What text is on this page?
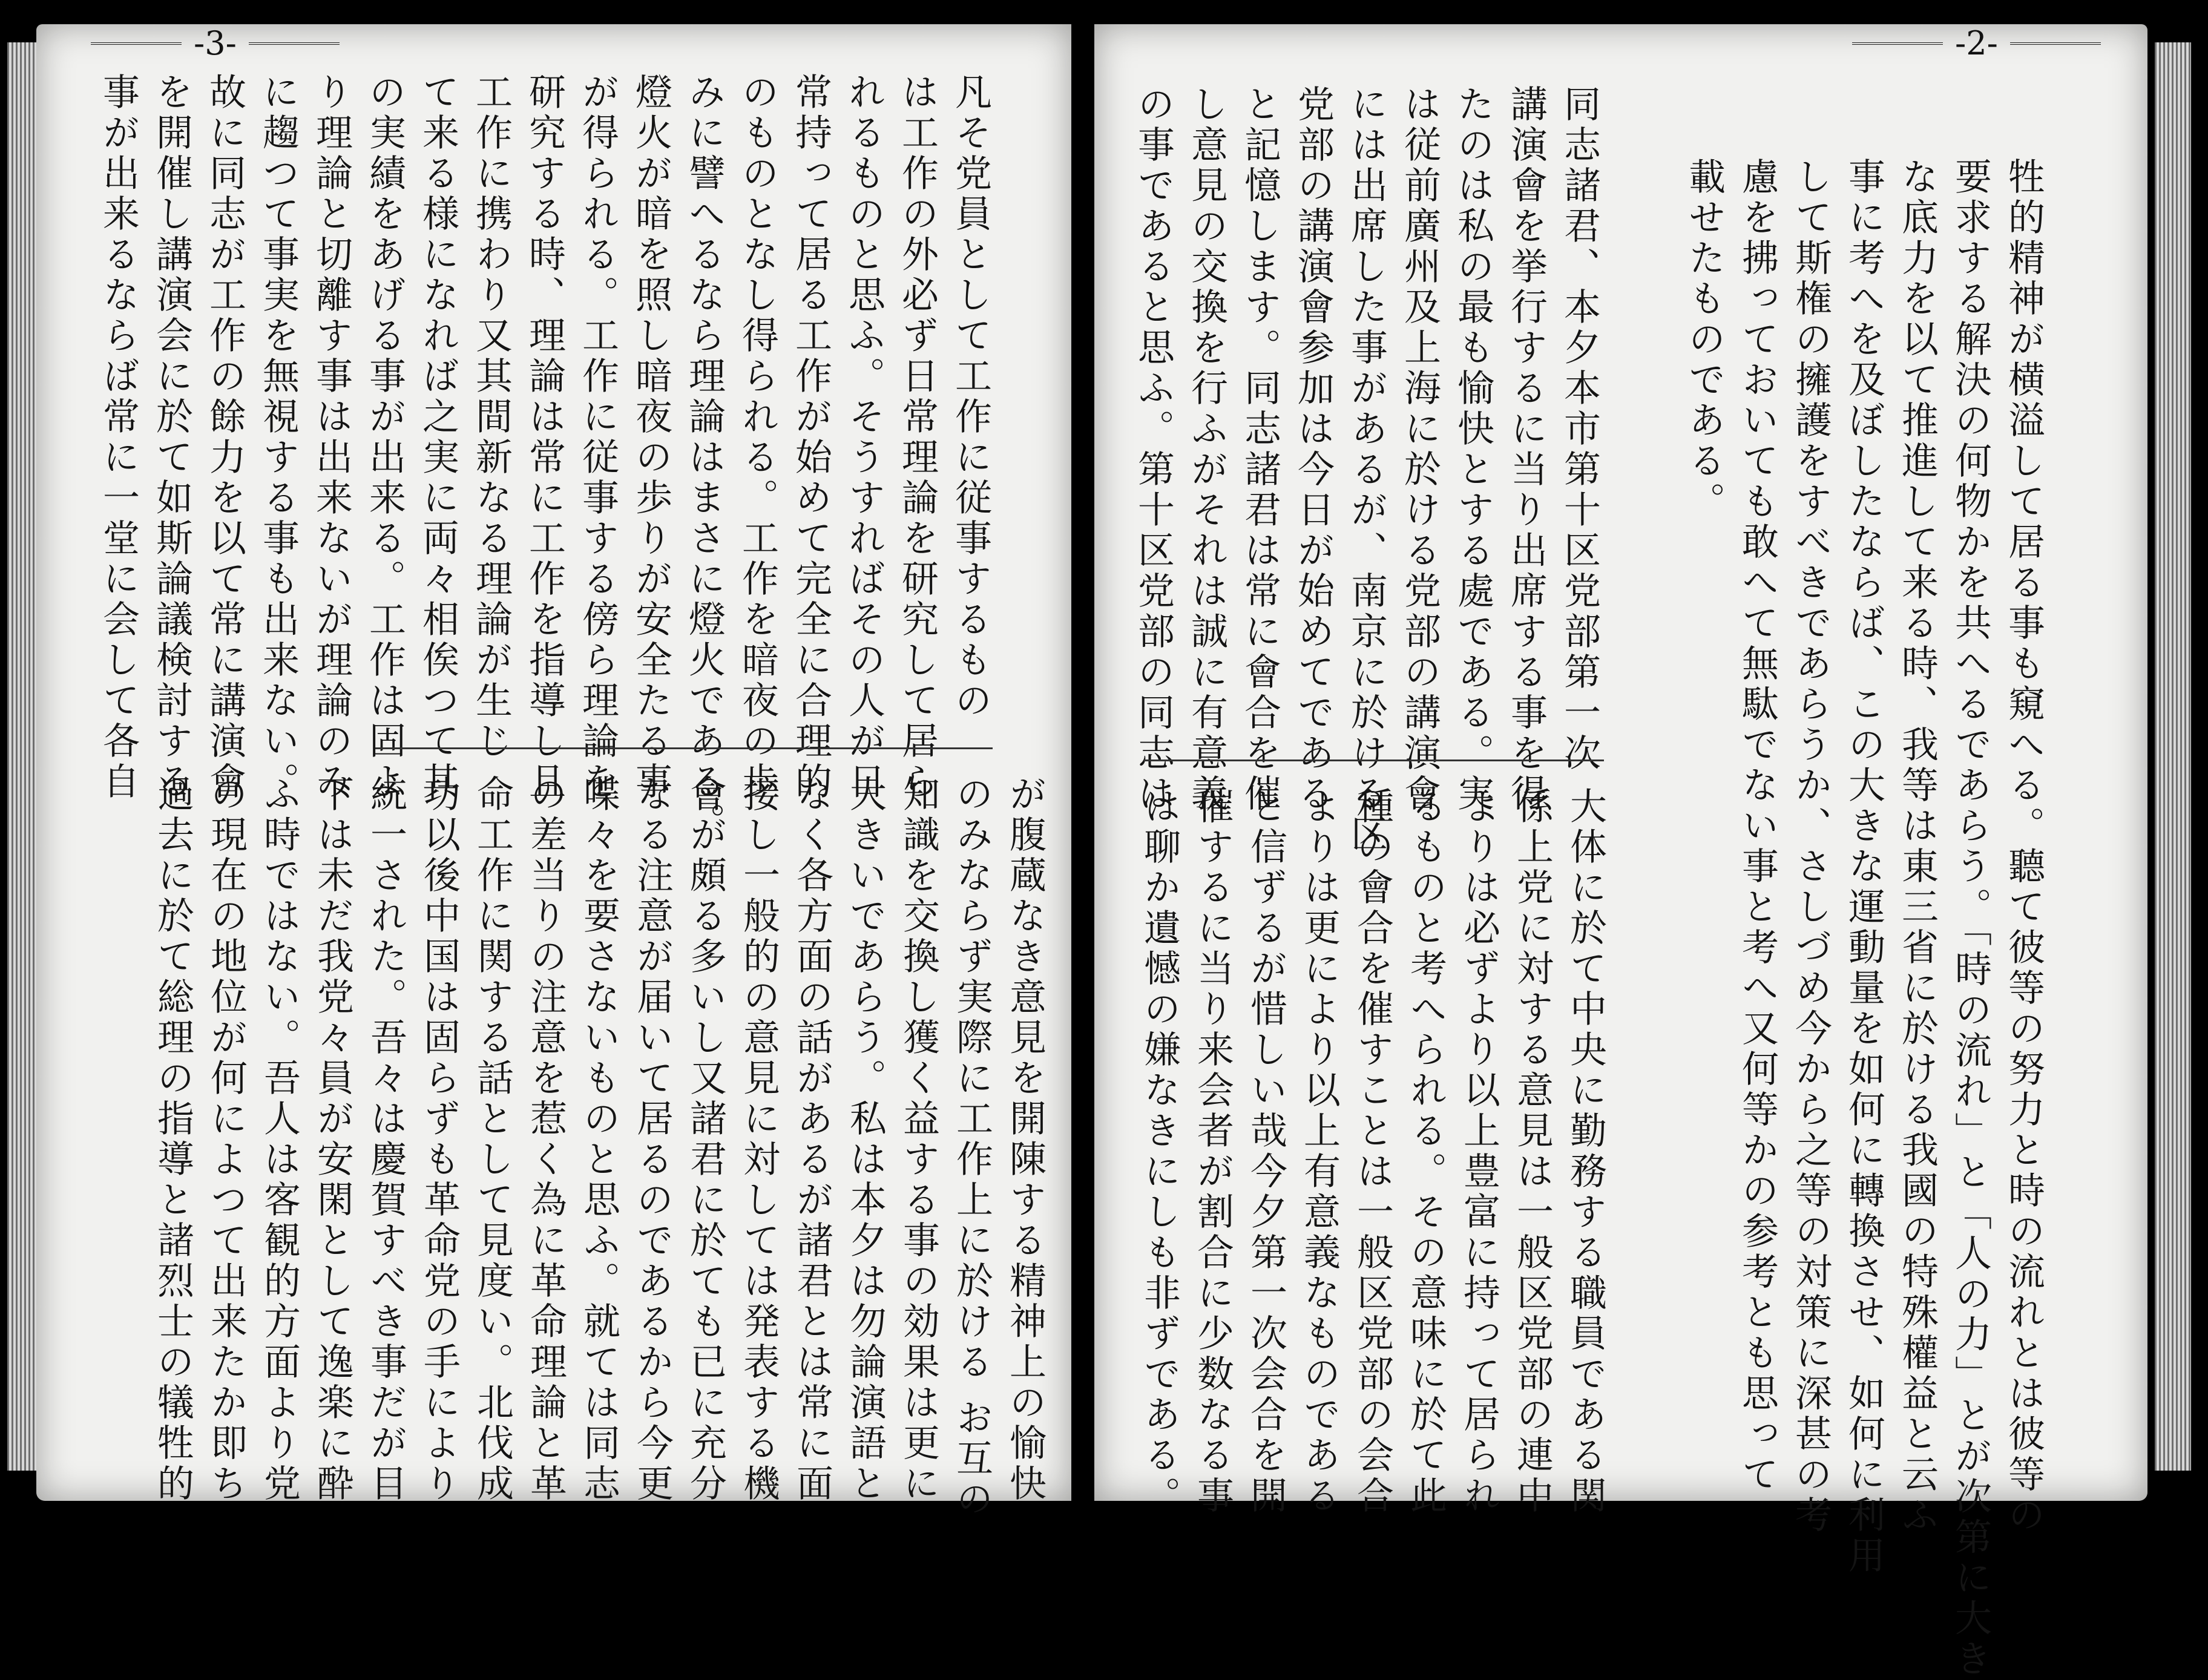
-3-	-2-
牲的精神が横溢して居る事も窺へる。聽て彼等の努力と時の流れとは彼等の
要求する解決の何物かを共へるであらう。「時の流れ」と「人の力」とが次第に大き
な底力を以て推進して来る時、我等は東三省に於ける我國の特殊權益と云ふ
事に考へを及ぼしたならば、この大きな運動量を如何に轉換させ、如何に利用
して斯権の擁護をすべきであらうか、さしづめ今から之等の対策に深甚の考
慮を拂っておいても敢へて無駄でない事と考へ又何等かの参考とも思って
載せたものである。
同志諸君、本夕本市第十区党部第一次
講演會を挙行するに当り出席する事を得
たのは私の最も愉快とする處である。実
は従前廣州及上海に於ける党部の講演會
には出席した事があるが、南京に於ける区
党部の講演會参加は今日が始めてである
と記憶します。同志諸君は常に會合を催
し意見の交換を行ふがそれは誠に有意義
の事であると思ふ。第十区党部の同志は
大体に於て中央に勤務する職員である関
係上党に対する意見は一般区党部の連中
よりは必ずより以上豊富に持って居られ
るものと考へられる。その意味に於て此
種の會合を催すことは一般区党部の会合
よりは更により以上有意義なものである
と信ずるが惜しい哉今夕第一次会合を開
催するに当り来会者が割合に少数なる事
は聊か遺憾の嫌なきにしも非ずである。
凡そ党員として工作に従事するもの
は工作の外必ず日常理論を研究して居ら
れるものと思ふ。そうすればその人が日
常持って居る工作が始めて完全に合理的
のものとなし得られる。工作を暗夜の歩
みに譬へるなら理論はまさに燈火である。
燈火が暗を照し暗夜の歩りが安全たる事
が得られる。工作に従事する傍ら理論を
研究する時、理論は常に工作を指導し且
工作に携わり又其間新なる理論が生じ
て来る様になれば之実に両々相俟つて其
の実績をあげる事が出来る。工作は固よ
り理論と切離す事は出来ないが理論のみ
に趨つて事実を無視する事も出来ない。
故に同志が工作の餘力を以て常に講演會
を開催し講演会に於て如斯論議検討する
事が出来るならば常に一堂に会して各自
が腹蔵なき意見を開陳する精神上の愉快
のみならず実際に工作上に於ける お互の
知識を交換し獲く益する事の効果は更に
大きいであらう。私は本夕は勿論演語と
なく各方面の話があるが諸君とは常に面
接し一般的の意見に対しては発表する機
會が頗る多いし又諸君に於ても已に充分
なる注意が届いて居るのであるから今更
喋々を要さないものと思ふ。就ては同志
の差当りの注意を惹く為に革命理論と革
命工作に関する話として見度い。北伐成
功以後中国は固らずも革命党の手により
統一された。吾々は慶賀すべき事だが目
下は未だ我党々員が安閑として逸楽に酔
ふ時ではない。吾人は客観的方面より党
の現在の地位が何によつて出来たか即ち
過去に於て総理の指導と諸烈士の犠牲的
